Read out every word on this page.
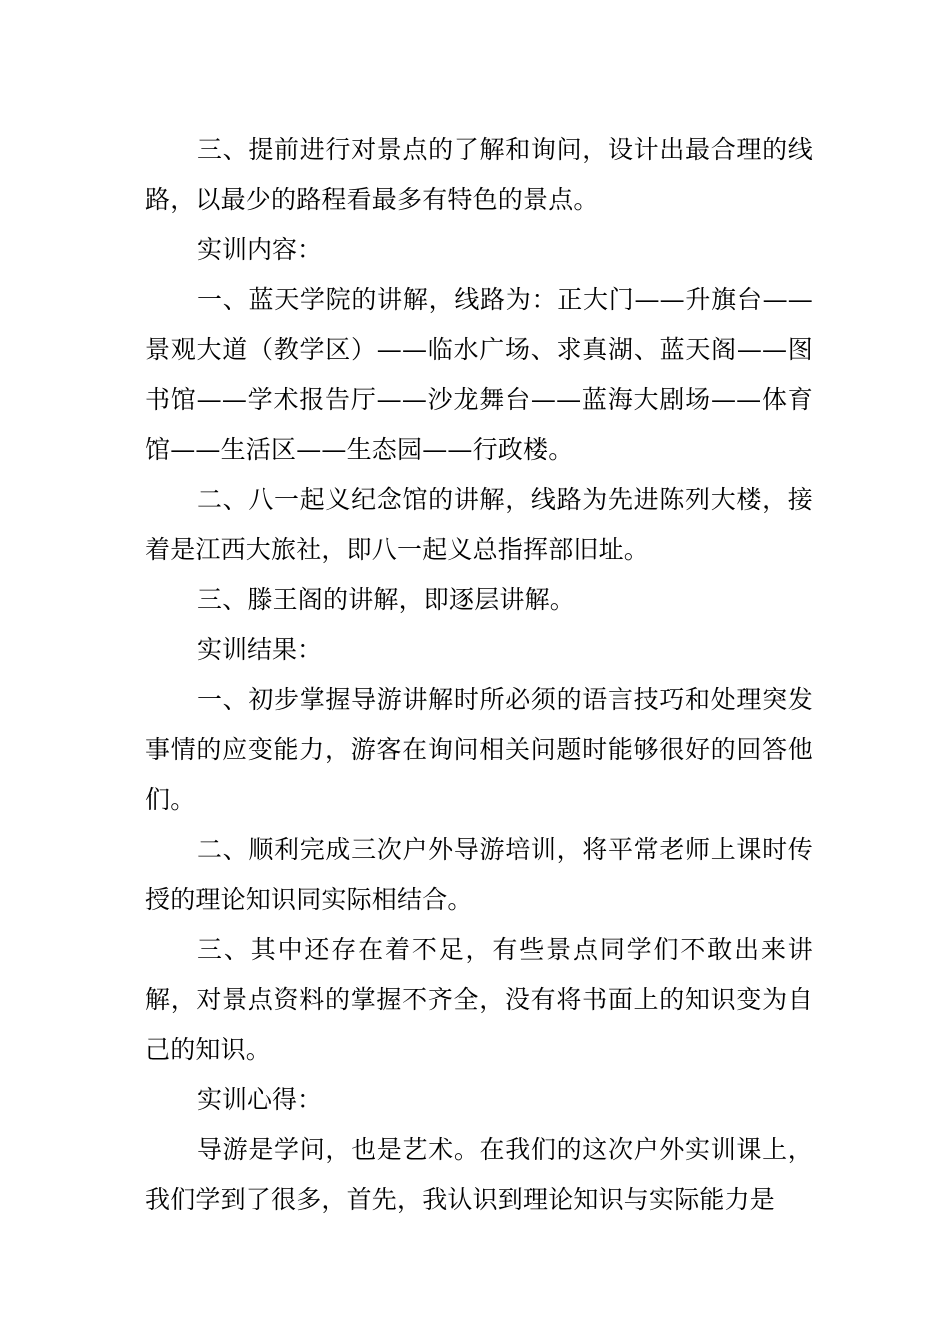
三、提前进行对景点的了解和询问，设计出最合理的线路，以最少的路程看最多有特色的景点。

实训内容：

一、蓝天学院的讲解，线路为：正大门——升旗台——景观大道（教学区）——临水广场、求真湖、蓝天阁——图书馆——学术报告厅——沙龙舞台——蓝海大剧场——体育馆——生活区——生态园——行政楼。

二、八一起义纪念馆的讲解，线路为先进陈列大楼，接着是江西大旅社，即八一起义总指挥部旧址。

三、滕王阁的讲解，即逐层讲解。

实训结果：

一、初步掌握导游讲解时所必须的语言技巧和处理突发事情的应变能力，游客在询问相关问题时能够很好的回答他们。

二、顺利完成三次户外导游培训，将平常老师上课时传授的理论知识同实际相结合。

三、其中还存在着不足，有些景点同学们不敢出来讲解，对景点资料的掌握不齐全，没有将书面上的知识变为自己的知识。

实训心得：

导游是学问，也是艺术。在我们的这次户外实训课上，我们学到了很多，首先，我认识到理论知识与实际能力是
